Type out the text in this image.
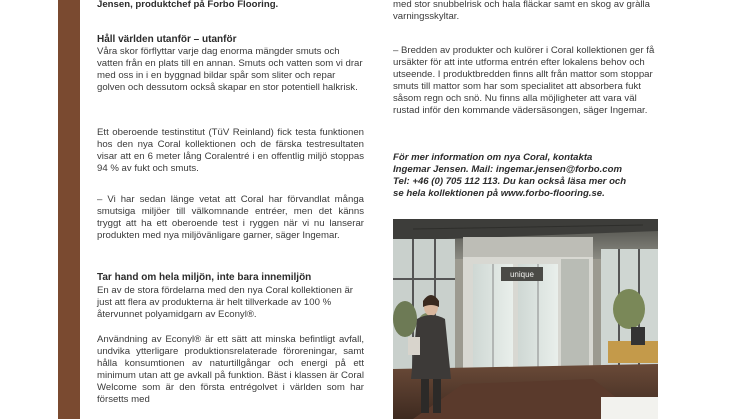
Jensen, produktchef på Forbo Flooring.

Håll världen utanför – utanför

Våra skor förflyttar varje dag enorma mängder smuts och vatten från en plats till en annan. Smuts och vatten som vi drar med oss in i en byggnad bildar spår som sliter och repar golven och dessutom också skapar en stor potentiell halkrisk.

Ett oberoende testinstitut (TüV Reinland) fick testa funktionen hos den nya Coral kollektionen och de färska testresultaten visar att en 6 meter lång Coralentré i en offentlig miljö stoppas 94 % av fukt och smuts.

– Vi har sedan länge vetat att Coral har förvandlat många smutsiga miljöer till välkomnande entréer, men det känns tryggt att ha ett oberoende test i ryggen när vi nu lanserar produkten med nya miljövänligare garner, säger Ingemar.

Tar hand om hela miljön, inte bara innemiljön

En av de stora fördelarna med den nya Coral kollektionen är just att flera av produkterna är helt tillverkade av 100 % återvunnet polyamidgarn av Econyl®.

Användning av Econyl® är ett sätt att minska befintligt avfall, undvika ytterligare produktionsrelaterade föroreningar, samt hålla konsumtionen av naturtillgångar och energi på ett minimum utan att ge avkall på funktion. Bäst i klassen är Coral Welcome som är den första entrégolvet i världen som har försetts med

med stor snubbelrisk och hala fläckar samt en skog av gràlla varningsskyltar.

– Bredden av produkter och kulörer i Coral kollektionen ger få ursäkter för att inte utforma entrén efter lokalens behov och utseende. I produktbredden finns allt från mattor som stoppar smuts till mattor som har som specialitet att absorbera fukt såsom regn och snö. Nu finns alla möjligheter att vara väl rustad inför den kommande vädersäsongen, säger Ingemar.

För mer information om nya Coral, kontakta

Ingemar Jensen. Mail: ingemar.jensen@forbo.com

Tel: +46 (0) 705 112 113. Du kan också läsa mer och

se hela kollektionen på www.forbo-flooring.se.

unique
